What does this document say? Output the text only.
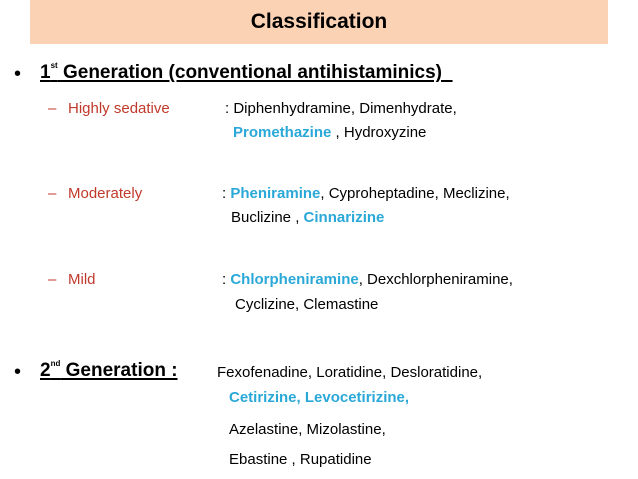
Classification
• 1st Generation (conventional antihistaminics)
– Highly sedative	: Diphenhydramine, Dimenhydrate,
Promethazine , Hydroxyzine
– Moderately	: Pheniramine, Cyproheptadine, Meclizine,
Buclizine , Cinnarizine
– Mild	: Chlorpheniramine, Dexchlorpheniramine,
Cyclizine, Clemastine
• 2nd Generation :	Fexofenadine, Loratidine, Desloratidine,
Cetirizine, Levocetirizine,
Azelastine, Mizolastine,
Ebastine , Rupatidine
